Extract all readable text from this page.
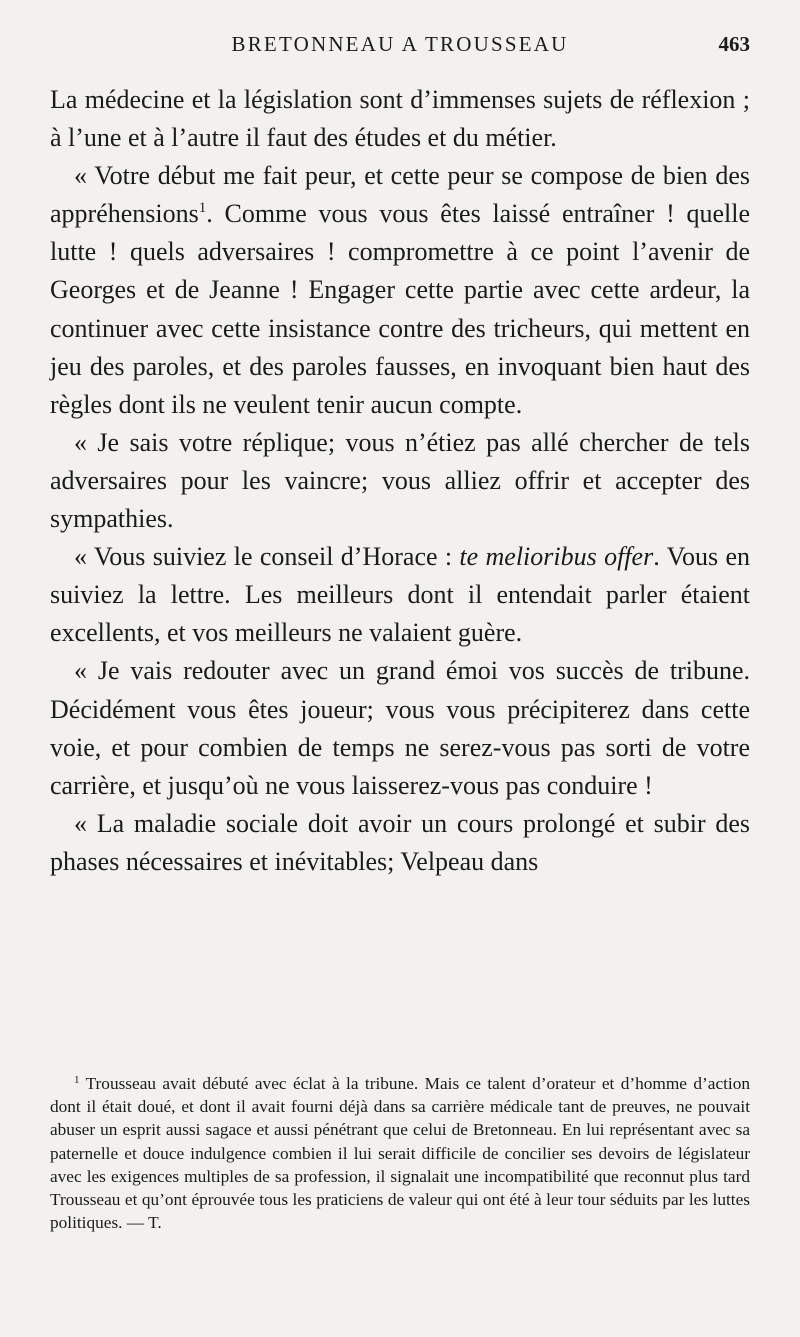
BRETONNEAU A TROUSSEAU	463

La médecine et la législation sont d’immenses sujets de réflexion ; à l’une et à l’autre il faut des études et du métier.

« Votre début me fait peur, et cette peur se compose de bien des appréhensions$^1$. Comme vous vous êtes laissé entraîner ! quelle lutte ! quels adversaires ! compromettre à ce point l’avenir de Georges et de Jeanne ! Engager cette partie avec cette ardeur, la continuer avec cette insistance contre des tricheurs, qui mettent en jeu des paroles, et des paroles fausses, en invoquant bien haut des règles dont ils ne veulent tenir aucun compte.

« Je sais votre réplique; vous n’étiez pas allé chercher de tels adversaires pour les vaincre; vous alliez offrir et accepter des sympathies.

« Vous suiviez le conseil d’Horace : te melioribus offer. Vous en suiviez la lettre. Les meilleurs dont il entendait parler étaient excellents, et vos meilleurs ne valaient guère.

« Je vais redouter avec un grand émoi vos succès de tribune. Décidément vous êtes joueur; vous vous précipiterez dans cette voie, et pour combien de temps ne serez-vous pas sorti de votre carrière, et jusqu’où ne vous laisserez-vous pas conduire !

« La maladie sociale doit avoir un cours prolongé et subir des phases nécessaires et inévitables; Velpeau dans

$^1$ Trousseau avait débuté avec éclat à la tribune. Mais ce talent d’orateur et d’homme d’action dont il était doué, et dont il avait fourni déjà dans sa carrière médicale tant de preuves, ne pouvait abuser un esprit aussi sagace et aussi pénétrant que celui de Bretonneau. En lui représentant avec sa paternelle et douce indulgence combien il lui serait difficile de concilier ses devoirs de législateur avec les exigences multiples de sa profession, il signalait une incompatibilité que reconnut plus tard Trousseau et qu’ont éprouvée tous les praticiens de valeur qui ont été à leur tour séduits par les luttes politiques. — T.
